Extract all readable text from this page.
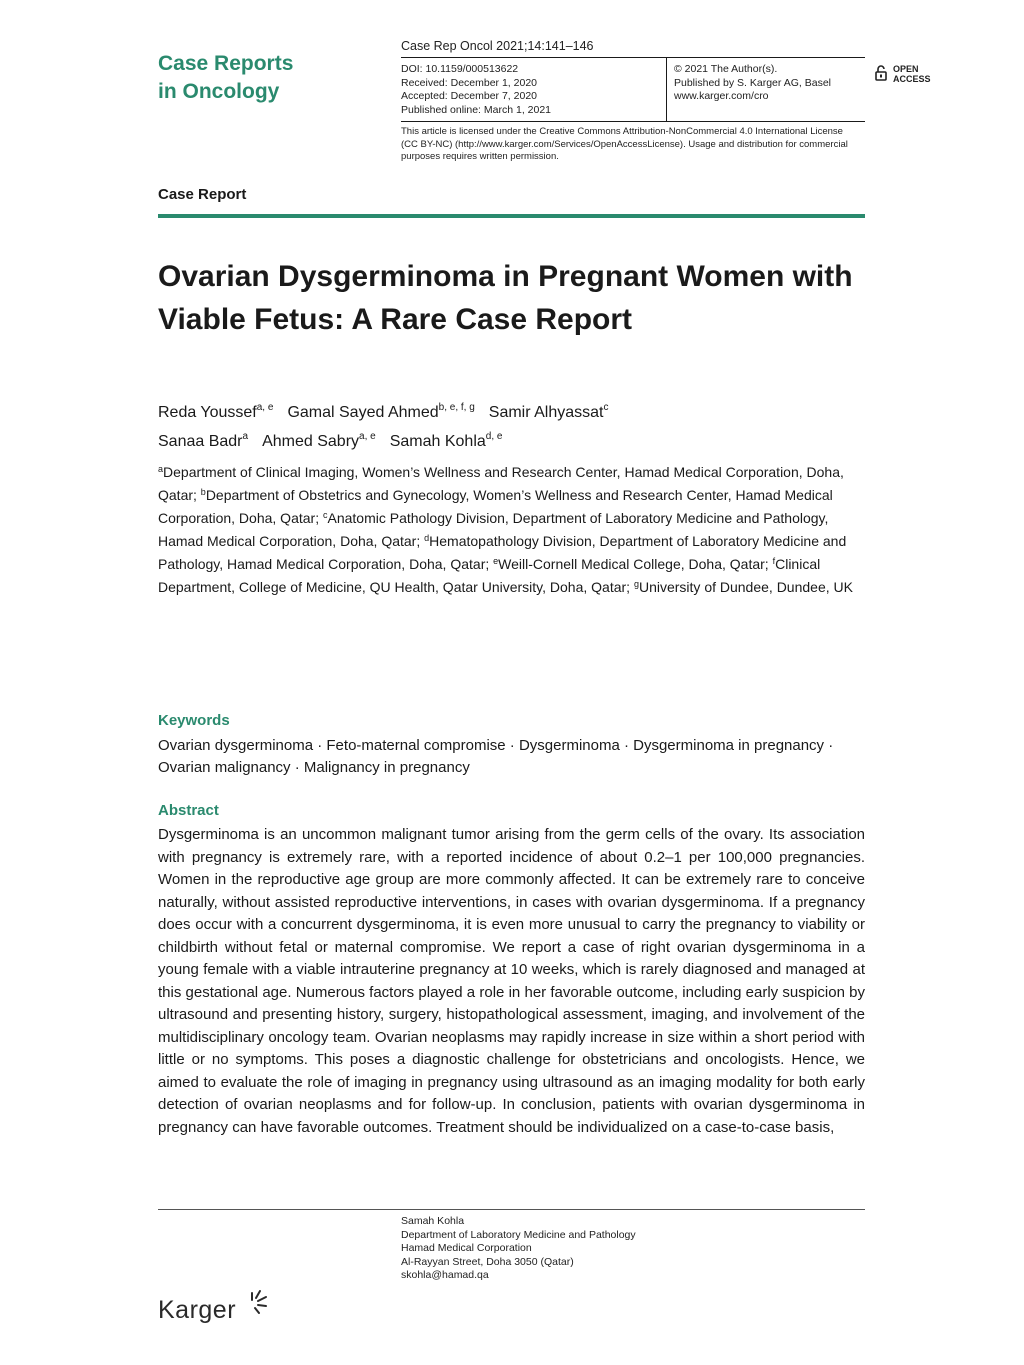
Case Reports
in Oncology
Case Rep Oncol 2021;14:141–146
DOI: 10.1159/000513622
Received: December 1, 2020
Accepted: December 7, 2020
Published online: March 1, 2021
© 2021 The Author(s).
Published by S. Karger AG, Basel
www.karger.com/cro
OPEN
ACCESS
This article is licensed under the Creative Commons Attribution-NonCommercial 4.0 International License
(CC BY-NC) (http://www.karger.com/Services/OpenAccessLicense). Usage and distribution for commercial
purposes requires written permission.
Case Report
Ovarian Dysgerminoma in Pregnant Women with Viable Fetus: A Rare Case Report
Reda Youssef$^{a, e}$ Gamal Sayed Ahmed$^{b, e, f, g}$ Samir Alhyassat$^c$
Sanaa Badr$^a$ Ahmed Sabry$^{a, e}$ Samah Kohla$^{d, e}$
$^a$Department of Clinical Imaging, Women’s Wellness and Research Center, Hamad Medical Corporation, Doha, Qatar; $^b$Department of Obstetrics and Gynecology, Women’s Wellness and Research Center, Hamad Medical Corporation, Doha, Qatar; $^c$Anatomic Pathology Division, Department of Laboratory Medicine and Pathology, Hamad Medical Corporation, Doha, Qatar; $^d$Hematopathology Division, Department of Laboratory Medicine and Pathology, Hamad Medical Corporation, Doha, Qatar; $^e$Weill-Cornell Medical College, Doha, Qatar; $^f$Clinical Department, College of Medicine, QU Health, Qatar University, Doha, Qatar; $^g$University of Dundee, Dundee, UK
Keywords
Ovarian dysgerminoma · Feto-maternal compromise · Dysgerminoma · Dysgerminoma in pregnancy · Ovarian malignancy · Malignancy in pregnancy
Abstract
Dysgerminoma is an uncommon malignant tumor arising from the germ cells of the ovary. Its association with pregnancy is extremely rare, with a reported incidence of about 0.2–1 per 100,000 pregnancies. Women in the reproductive age group are more commonly affected. It can be extremely rare to conceive naturally, without assisted reproductive interventions, in cases with ovarian dysgerminoma. If a pregnancy does occur with a concurrent dysgerminoma, it is even more unusual to carry the pregnancy to viability or childbirth without fetal or maternal compromise. We report a case of right ovarian dysgerminoma in a young female with a viable intrauterine pregnancy at 10 weeks, which is rarely diagnosed and managed at this gestational age. Numerous factors played a role in her favorable outcome, including early suspicion by ultrasound and presenting history, surgery, histopathological assessment, imaging, and involvement of the multidisciplinary oncology team. Ovarian neoplasms may rapidly increase in size within a short period with little or no symptoms. This poses a diagnostic challenge for obstetricians and oncologists. Hence, we aimed to evaluate the role of imaging in pregnancy using ultrasound as an imaging modality for both early detection of ovarian neoplasms and for follow-up. In conclusion, patients with ovarian dysgerminoma in pregnancy can have favorable outcomes. Treatment should be individualized on a case-to-case basis,
Samah Kohla
Department of Laboratory Medicine and Pathology
Hamad Medical Corporation
Al-Rayyan Street, Doha 3050 (Qatar)
skohla@hamad.qa
Karger
